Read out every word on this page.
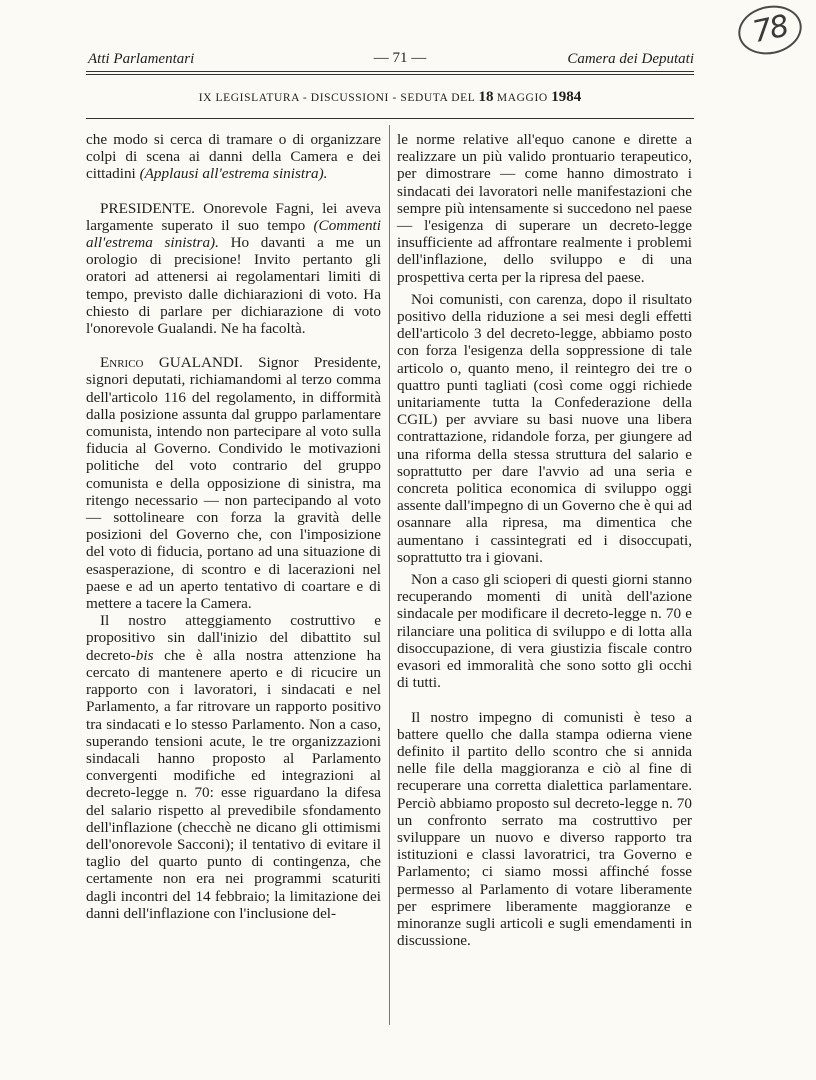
78
Atti Parlamentari	— 71 —	Camera dei Deputati
IX LEGISLATURA - DISCUSSIONI - SEDUTA DEL 18 MAGGIO 1984

che modo si cerca di tramare o di organizzare colpi di scena ai danni della Camera e dei cittadini (Applausi all'estrema sinistra).

PRESIDENTE. Onorevole Fagni, lei aveva largamente superato il suo tempo (Commenti all'estrema sinistra). Ho davanti a me un orologio di precisione! Invito pertanto gli oratori ad attenersi ai regolamentari limiti di tempo, previsto dalle dichiarazioni di voto. Ha chiesto di parlare per dichiarazione di voto l'onorevole Gualandi. Ne ha facoltà.

Enrico GUALANDI. Signor Presidente, signori deputati, richiamandomi al terzo comma dell'articolo 116 del regolamento, in difformità dalla posizione assunta dal gruppo parlamentare comunista, intendo non partecipare al voto sulla fiducia al Governo. Condivido le motivazioni politiche del voto contrario del gruppo comunista e della opposizione di sinistra, ma ritengo necessario — non partecipando al voto — sottolineare con forza la gravità delle posizioni del Governo che, con l'imposizione del voto di fiducia, portano ad una situazione di esasperazione, di scontro e di lacerazioni nel paese e ad un aperto tentativo di coartare e di mettere a tacere la Camera.

Il nostro atteggiamento costruttivo e propositivo sin dall'inizio del dibattito sul decreto-bis che è alla nostra attenzione ha cercato di mantenere aperto e di ricucire un rapporto con i lavoratori, i sindacati e nel Parlamento, a far ritrovare un rapporto positivo tra sindacati e lo stesso Parlamento. Non a caso, superando tensioni acute, le tre organizzazioni sindacali hanno proposto al Parlamento convergenti modifiche ed integrazioni al decreto-legge n. 70: esse riguardano la difesa del salario rispetto al prevedibile sfondamento dell'inflazione (checchè ne dicano gli ottimismi dell'onorevole Sacconi); il tentativo di evitare il taglio del quarto punto di contingenza, che certamente non era nei programmi scaturiti dagli incontri del 14 febbraio; la limitazione dei danni dell'inflazione con l'inclusione del-

le norme relative all'equo canone e dirette a realizzare un più valido prontuario terapeutico, per dimostrare — come hanno dimostrato i sindacati dei lavoratori nelle manifestazioni che sempre più intensamente si succedono nel paese — l'esigenza di superare un decreto-legge insufficiente ad affrontare realmente i problemi dell'inflazione, dello sviluppo e di una prospettiva certa per la ripresa del paese.

Noi comunisti, con carenza, dopo il risultato positivo della riduzione a sei mesi degli effetti dell'articolo 3 del decreto-legge, abbiamo posto con forza l'esigenza della soppressione di tale articolo o, quanto meno, il reintegro dei tre o quattro punti tagliati (così come oggi richiede unitariamente tutta la Confederazione della CGIL) per avviare su basi nuove una libera contrattazione, ridandole forza, per giungere ad una riforma della stessa struttura del salario e soprattutto per dare l'avvio ad una seria e concreta politica economica di sviluppo oggi assente dall'impegno di un Governo che è qui ad osannare alla ripresa, ma dimentica che aumentano i cassintegrati ed i disoccupati, soprattutto tra i giovani.

Non a caso gli scioperi di questi giorni stanno recuperando momenti di unità dell'azione sindacale per modificare il decreto-legge n. 70 e rilanciare una politica di sviluppo e di lotta alla disoccupazione, di vera giustizia fiscale contro evasori ed immoralità che sono sotto gli occhi di tutti.

Il nostro impegno di comunisti è teso a battere quello che dalla stampa odierna viene definito il partito dello scontro che si annida nelle file della maggioranza e ciò al fine di recuperare una corretta dialettica parlamentare. Perciò abbiamo proposto sul decreto-legge n. 70 un confronto serrato ma costruttivo per sviluppare un nuovo e diverso rapporto tra istituzioni e classi lavoratrici, tra Governo e Parlamento; ci siamo mossi affinché fosse permesso al Parlamento di votare liberamente per esprimere liberamente maggioranze e minoranze sugli articoli e sugli emendamenti in discussione.
